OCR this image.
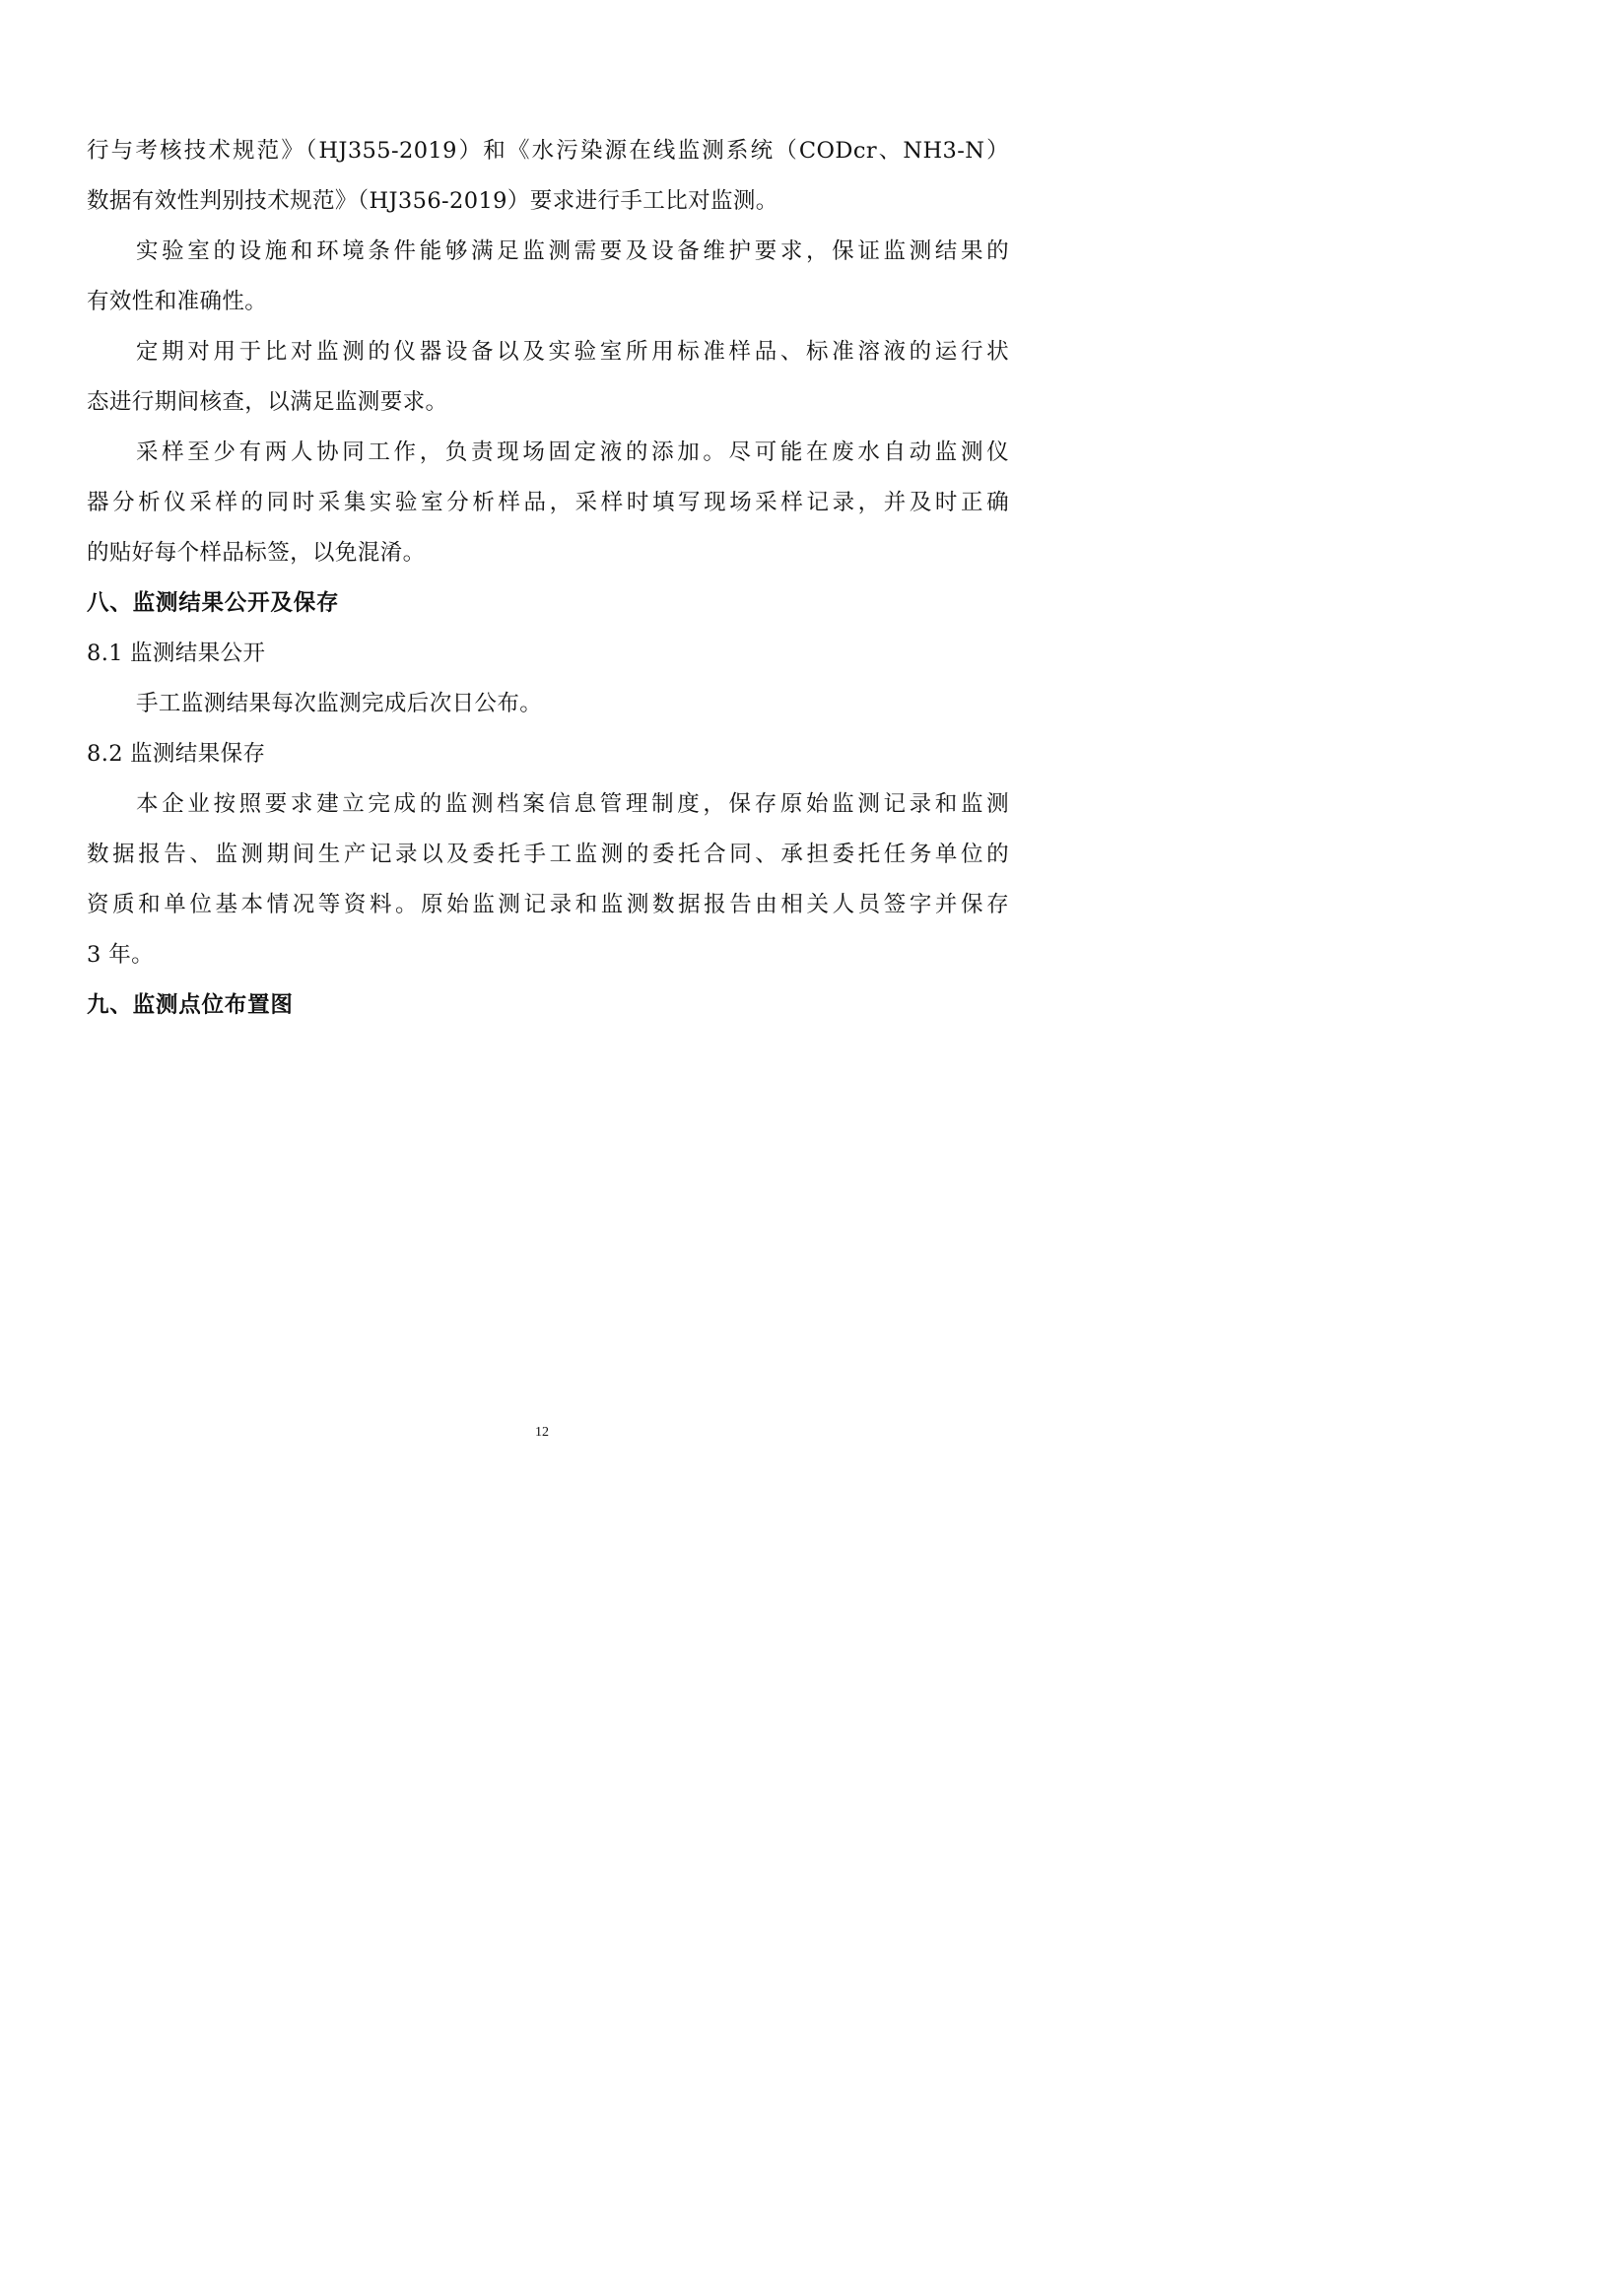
行与考核技术规范》（HJ355-2019）和《水污染源在线监测系统（CODcr、NH3-N）
数据有效性判别技术规范》（HJ356-2019）要求进行手工比对监测。
实验室的设施和环境条件能够满足监测需要及设备维护要求，保证监测结果的
有效性和准确性。
定期对用于比对监测的仪器设备以及实验室所用标准样品、标准溶液的运行状
态进行期间核查，以满足监测要求。
采样至少有两人协同工作，负责现场固定液的添加。尽可能在废水自动监测仪
器分析仪采样的同时采集实验室分析样品，采样时填写现场采样记录，并及时正确
的贴好每个样品标签，以免混淆。
八、监测结果公开及保存
8.1 监测结果公开
手工监测结果每次监测完成后次日公布。
8.2 监测结果保存
本企业按照要求建立完成的监测档案信息管理制度，保存原始监测记录和监测
数据报告、监测期间生产记录以及委托手工监测的委托合同、承担委托任务单位的
资质和单位基本情况等资料。原始监测记录和监测数据报告由相关人员签字并保存
3 年。
九、监测点位布置图
12
